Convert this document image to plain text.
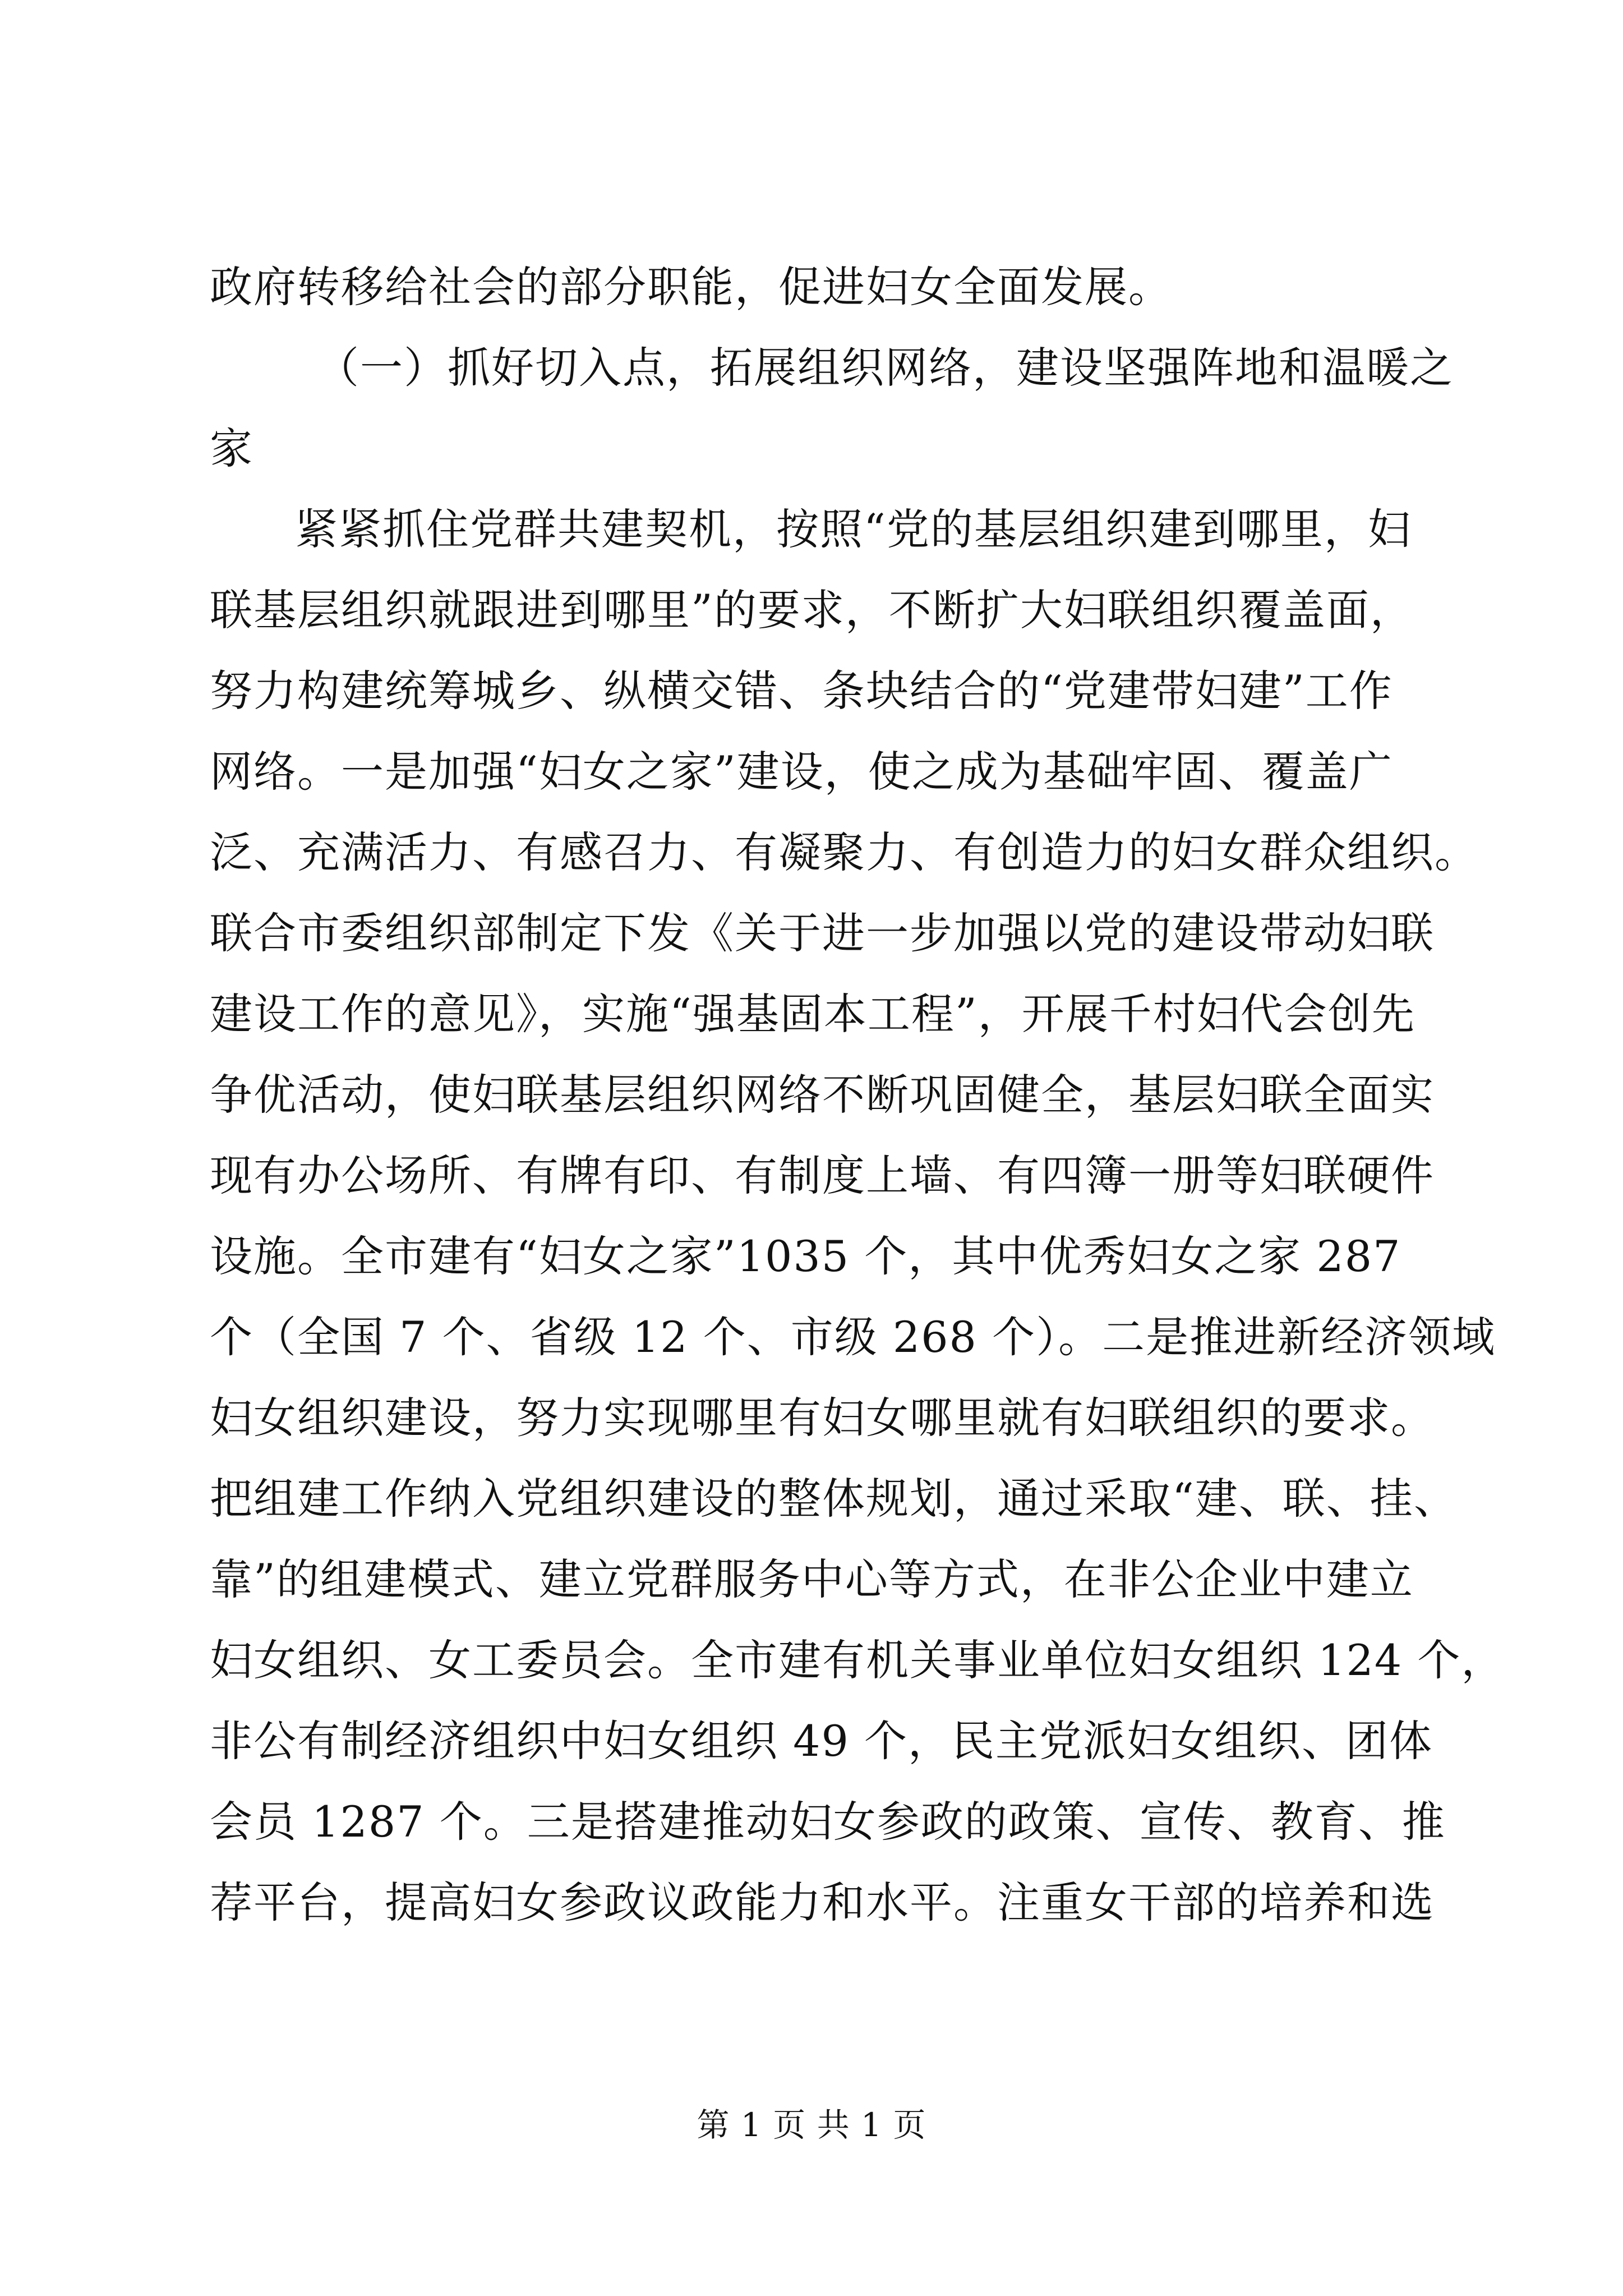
政府转移给社会的部分职能，促进妇女全面发展。
（一）抓好切入点，拓展组织网络，建设坚强阵地和温暖之
家
紧紧抓住党群共建契机，按照“党的基层组织建到哪里，妇
联基层组织就跟进到哪里”的要求，不断扩大妇联组织覆盖面，
努力构建统筹城乡、纵横交错、条块结合的“党建带妇建”工作
网络。一是加强“妇女之家”建设，使之成为基础牢固、覆盖广
泛、充满活力、有感召力、有凝聚力、有创造力的妇女群众组织。
联合市委组织部制定下发《关于进一步加强以党的建设带动妇联
建设工作的意见》，实施“强基固本工程”，开展千村妇代会创先
争优活动，使妇联基层组织网络不断巩固健全，基层妇联全面实
现有办公场所、有牌有印、有制度上墙、有四簿一册等妇联硬件
设施。全市建有“妇女之家”1035 个，其中优秀妇女之家 287
个（全国 7 个、省级 12 个、市级 268 个）。二是推进新经济领域
妇女组织建设，努力实现哪里有妇女哪里就有妇联组织的要求。
把组建工作纳入党组织建设的整体规划，通过采取“建、联、挂、
靠”的组建模式、建立党群服务中心等方式，在非公企业中建立
妇女组织、女工委员会。全市建有机关事业单位妇女组织 124 个，
非公有制经济组织中妇女组织 49 个，民主党派妇女组织、团体
会员 1287 个。三是搭建推动妇女参政的政策、宣传、教育、推
荐平台，提高妇女参政议政能力和水平。注重女干部的培养和选
第 1 页 共 1 页
